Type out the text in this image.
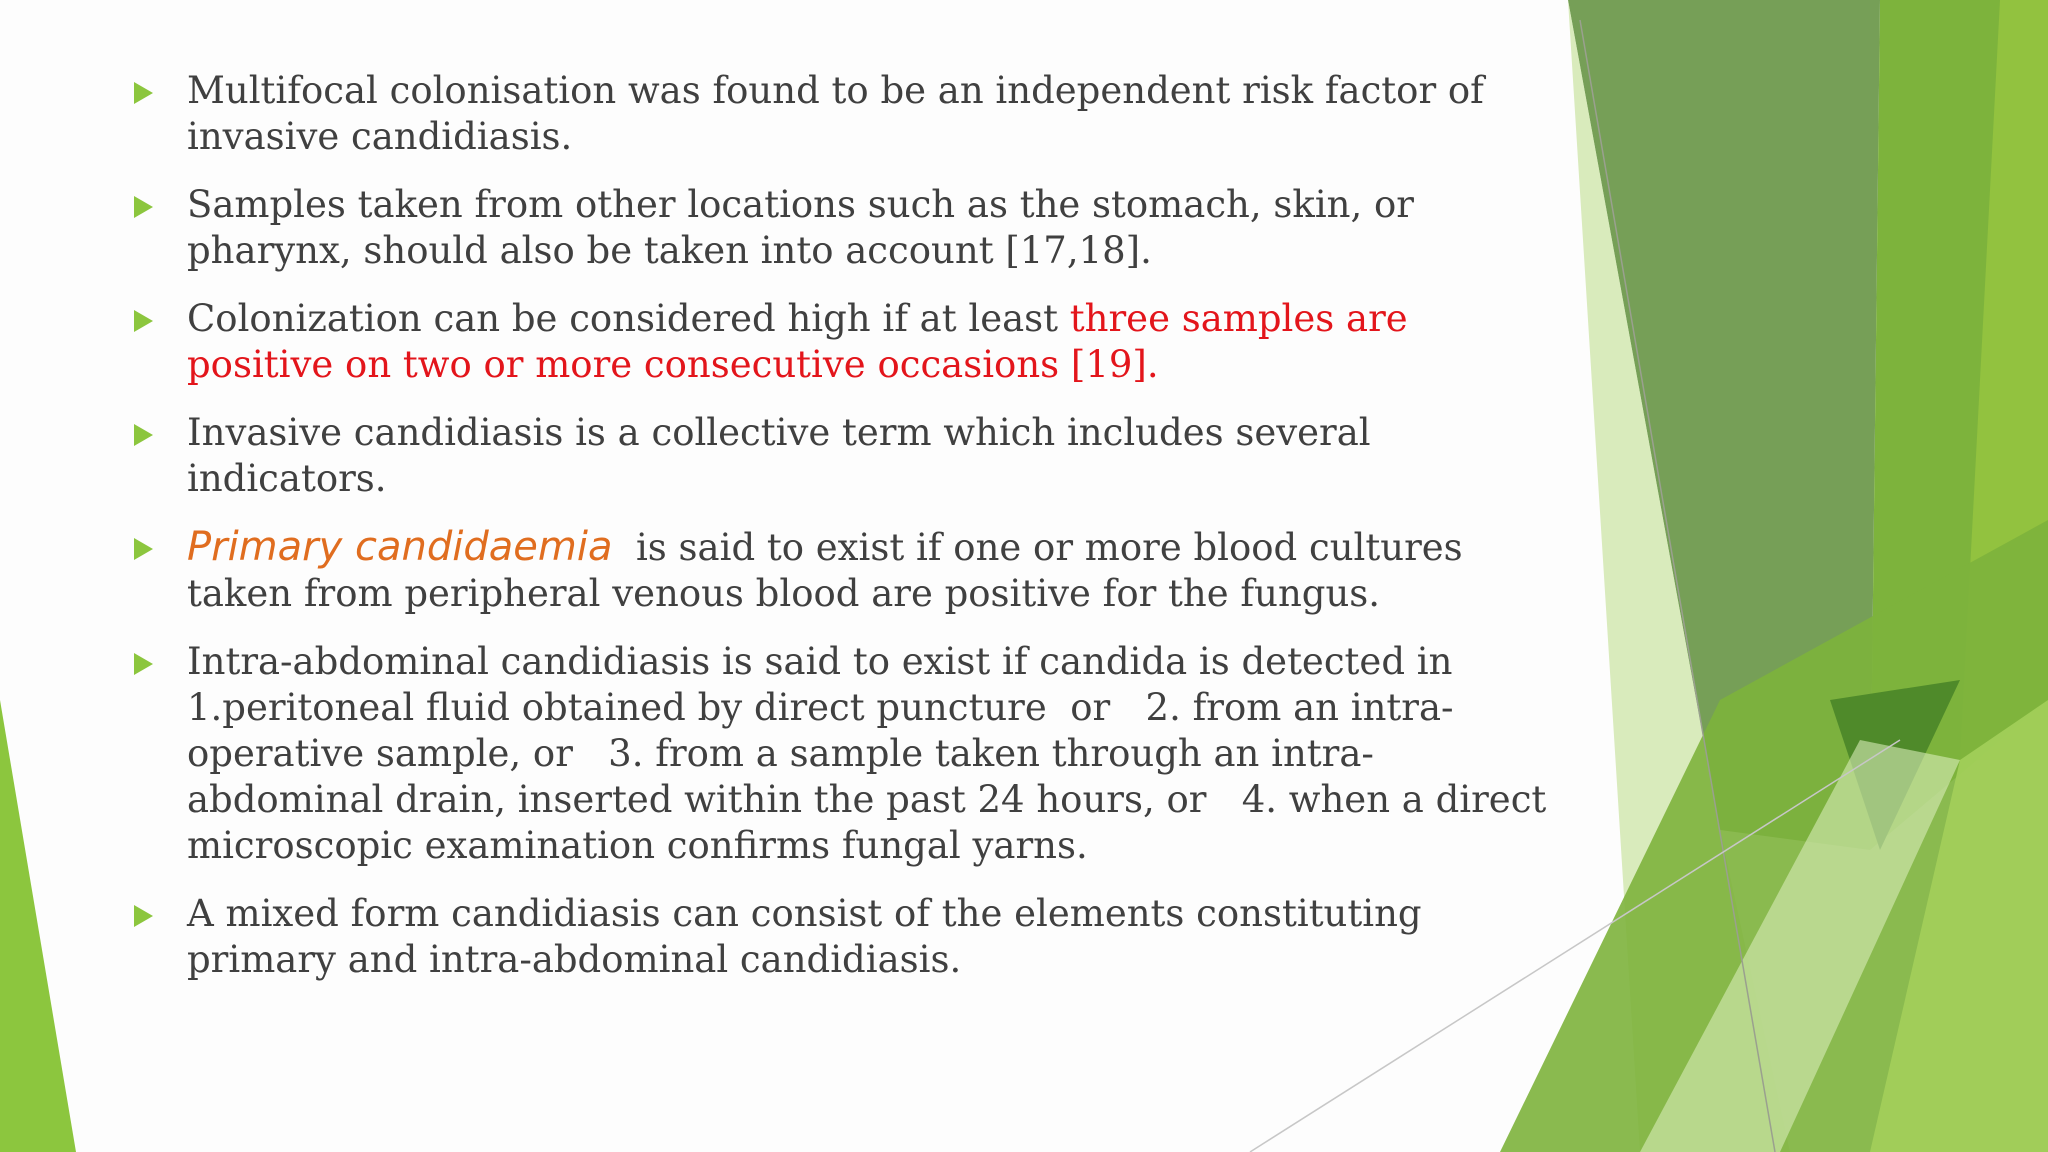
Multifocal colonisation was found to be an independent risk factor of invasive candidiasis.
Samples taken from other locations such as the stomach, skin, or pharynx, should also be taken into account [17,18].
Colonization can be considered high if at least three samples are positive on two or more consecutive occasions [19].
Invasive candidiasis is a collective term which includes several indicators.
Primary candidaemia  is said to exist if one or more blood cultures taken from peripheral venous blood are positive for the fungus.
Intra-abdominal candidiasis is said to exist if candida is detected in 1.peritoneal fluid obtained by direct puncture  or   2. from an intra-operative sample, or   3. from a sample taken through an intra-abdominal drain, inserted within the past 24 hours, or   4. when a direct microscopic examination confirms fungal yarns.
A mixed form candidiasis can consist of the elements constituting primary and intra-abdominal candidiasis.
